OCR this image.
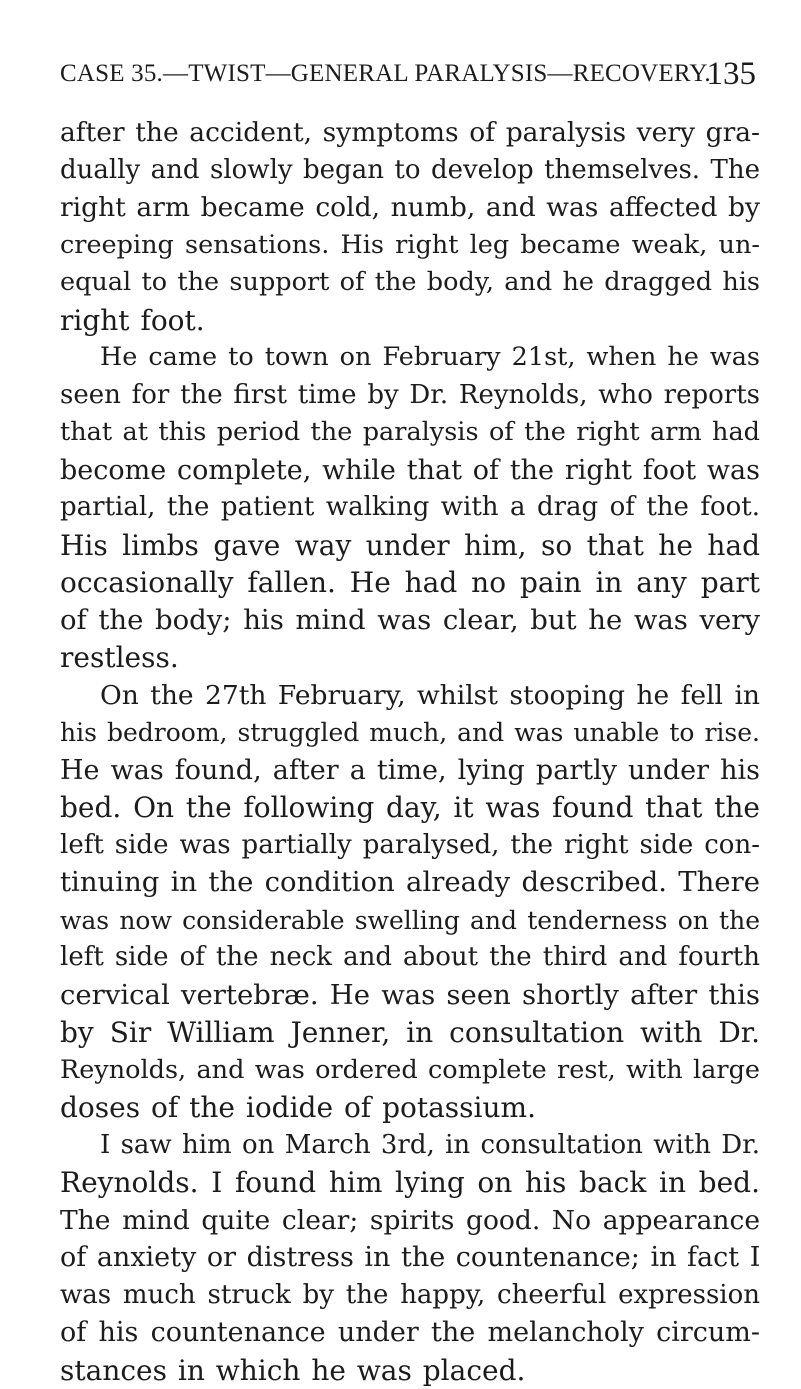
CASE 35.—TWIST—GENERAL PARALYSIS—RECOVERY.
135
after the accident, symptoms of paralysis very gra-
dually and slowly began to develop themselves. The
right arm became cold, numb, and was affected by
creeping sensations. His right leg became weak, un-
equal to the support of the body, and he dragged his
right foot.
He came to town on February 21st, when he was
seen for the first time by Dr. Reynolds, who reports
that at this period the paralysis of the right arm had
become complete, while that of the right foot was
partial, the patient walking with a drag of the foot.
His limbs gave way under him, so that he had
occasionally fallen. He had no pain in any part
of the body; his mind was clear, but he was very
restless.
On the 27th February, whilst stooping he fell in
his bedroom, struggled much, and was unable to rise.
He was found, after a time, lying partly under his
bed. On the following day, it was found that the
left side was partially paralysed, the right side con-
tinuing in the condition already described. There
was now considerable swelling and tenderness on the
left side of the neck and about the third and fourth
cervical vertebræ. He was seen shortly after this
by Sir William Jenner, in consultation with Dr.
Reynolds, and was ordered complete rest, with large
doses of the iodide of potassium.
I saw him on March 3rd, in consultation with Dr.
Reynolds. I found him lying on his back in bed.
The mind quite clear; spirits good. No appearance
of anxiety or distress in the countenance; in fact I
was much struck by the happy, cheerful expression
of his countenance under the melancholy circum-
stances in which he was placed.
